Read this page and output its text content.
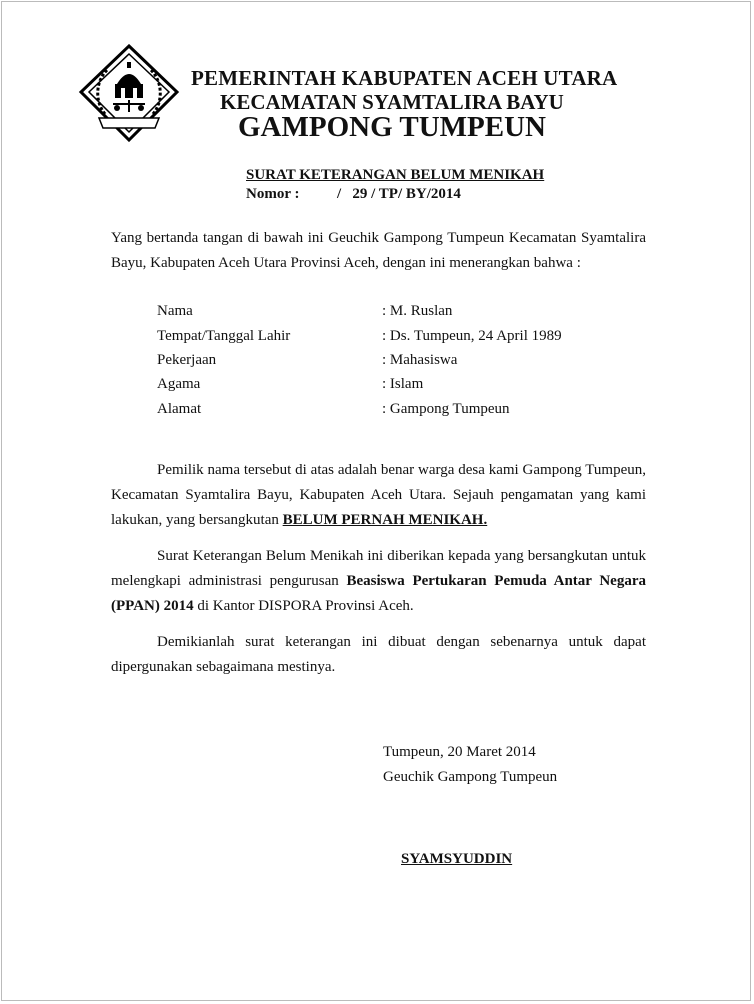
PEMERINTAH KABUPATEN ACEH UTARA
KECAMATAN SYAMTALIRA BAYU
GAMPONG TUMPEUN
SURAT KETERANGAN BELUM MENIKAH
Nomor :          /   29 / TP/ BY/2014
Yang bertanda tangan di bawah ini Geuchik Gampong Tumpeun Kecamatan Syamtalira Bayu, Kabupaten Aceh Utara Provinsi Aceh, dengan ini menerangkan bahwa :
Nama	: M. Ruslan
Tempat/Tanggal Lahir	: Ds. Tumpeun, 24 April 1989
Pekerjaan	: Mahasiswa
Agama	: Islam
Alamat	: Gampong Tumpeun
Pemilik nama tersebut di atas adalah benar warga desa kami Gampong Tumpeun, Kecamatan Syamtalira Bayu, Kabupaten Aceh Utara. Sejauh pengamatan yang kami lakukan, yang bersangkutan BELUM PERNAH MENIKAH.
Surat Keterangan Belum Menikah ini diberikan kepada yang bersangkutan untuk melengkapi administrasi pengurusan Beasiswa Pertukaran Pemuda Antar Negara (PPAN) 2014 di Kantor DISPORA Provinsi Aceh.
Demikianlah surat keterangan ini dibuat dengan sebenarnya untuk dapat dipergunakan sebagaimana mestinya.
Tumpeun, 20 Maret 2014
Geuchik Gampong Tumpeun
SYAMSYUDDIN
